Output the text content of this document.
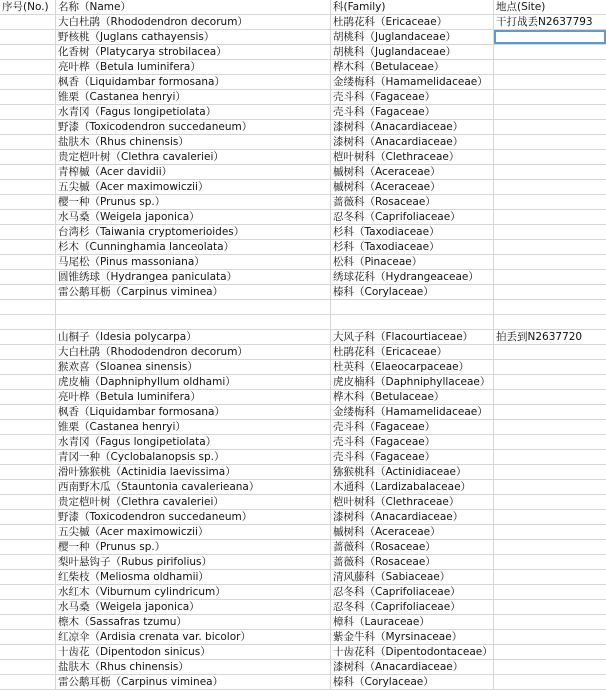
序号(No.) 名称（Name）	科(Family)	地点(Site)
大白杜鹃（Rhododendron decorum）	杜鹃花科（Ericaceae）	干打战丢N2637793
野核桃（Juglans cathayensis）	胡桃科（Juglandaceae）
化香树（Platycarya strobilacea）	胡桃科（Juglandaceae）
亮叶桦（Betula luminifera）	桦木科（Betulaceae）
枫香（Liquidambar formosana）	金缕梅科（Hamamelidaceae）
锥栗（Castanea henryi）	壳斗科（Fagaceae）
水青冈（Fagus longipetiolata）	壳斗科（Fagaceae）
野漆（Toxicodendron succedaneum）	漆树科（Anacardiaceae）
盐肤木（Rhus chinensis）	漆树科（Anacardiaceae）
贵定桤叶树（Clethra cavaleriei）	桤叶树科（Clethraceae）
青榨槭（Acer davidii）	槭树科（Aceraceae）
五尖槭（Acer maximowiczii）	槭树科（Aceraceae）
樱一种（Prunus sp.）	蔷薇科（Rosaceae）
水马桑（Weigela japonica）	忍冬科（Caprifoliaceae）
台湾杉（Taiwania cryptomerioides）	杉科（Taxodiaceae）
杉木（Cunninghamia lanceolata）	杉科（Taxodiaceae）
马尾松（Pinus massoniana）	松科（Pinaceae）
圆锥绣球（Hydrangea paniculata）	绣球花科（Hydrangeaceae）
雷公鹅耳枥（Carpinus viminea）	榛科（Corylaceae）
山桐子（Idesia polycarpa）	大风子科（Flacourtiaceae）	拍丢到N2637720
大白杜鹃（Rhododendron decorum）	杜鹃花科（Ericaceae）
猴欢喜（Sloanea sinensis）	杜英科（Elaeocarpaceae）
虎皮楠（Daphniphyllum oldhami）	虎皮楠科（Daphniphyllaceae）
亮叶桦（Betula luminifera）	桦木科（Betulaceae）
枫香（Liquidambar formosana）	金缕梅科（Hamamelidaceae）
锥栗（Castanea henryi）	壳斗科（Fagaceae）
水青冈（Fagus longipetiolata）	壳斗科（Fagaceae）
青冈一种（Cyclobalanopsis sp.）	壳斗科（Fagaceae）
滑叶猕猴桃（Actinidia laevissima）	猕猴桃科（Actinidiaceae）
西南野木瓜（Stauntonia cavalerieana）	木通科（Lardizabalaceae）
贵定桤叶树（Clethra cavaleriei）	桤叶树科（Clethraceae）
野漆（Toxicodendron succedaneum）	漆树科（Anacardiaceae）
五尖槭（Acer maximowiczii）	槭树科（Aceraceae）
樱一种（Prunus sp.）	蔷薇科（Rosaceae）
梨叶悬钩子（Rubus pirifolius）	蔷薇科（Rosaceae）
红柴枝（Meliosma oldhamii）	清风藤科（Sabiaceae）
水红木（Viburnum cylindricum）	忍冬科（Caprifoliaceae）
水马桑（Weigela japonica）	忍冬科（Caprifoliaceae）
檫木（Sassafras tzumu）	樟科（Lauraceae）
红凉伞（Ardisia crenata var. bicolor）	紫金牛科（Myrsinaceae）
十齿花（Dipentodon sinicus）	十齿花科（Dipentodontaceae）
盐肤木（Rhus chinensis）	漆树科（Anacardiaceae）
雷公鹅耳枥（Carpinus viminea）	榛科（Corylaceae）
